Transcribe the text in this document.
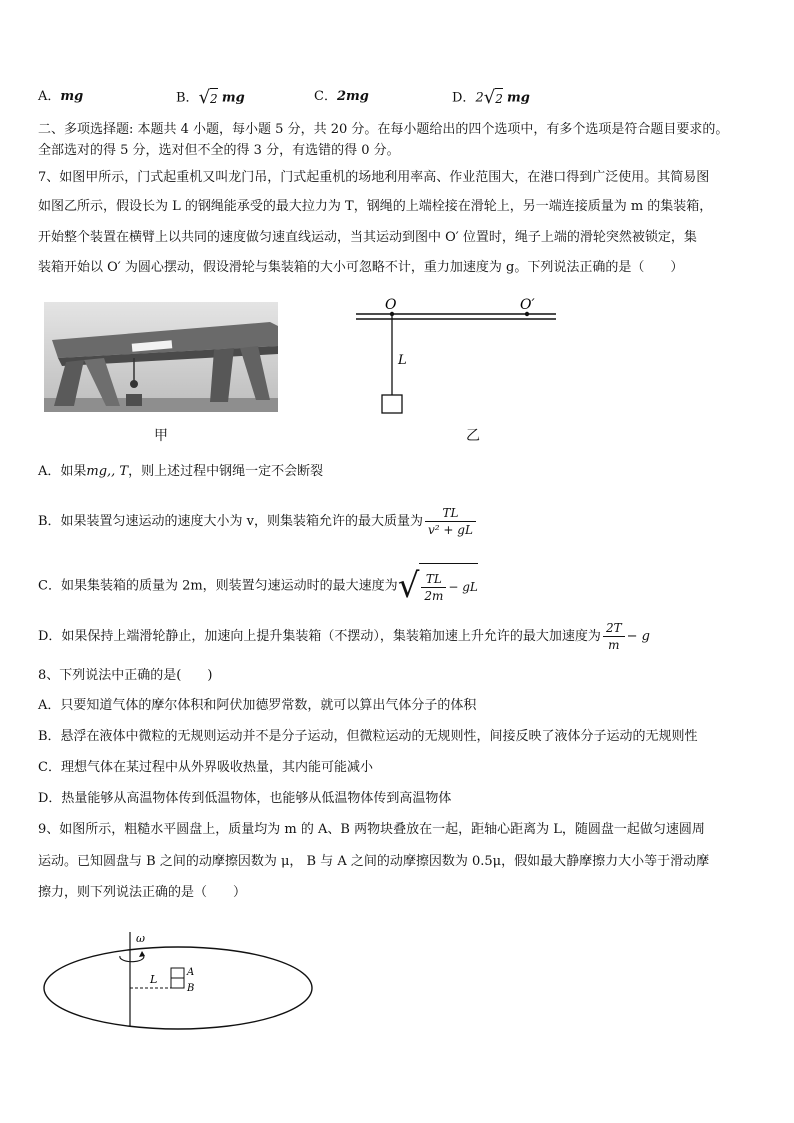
A．mg	B．√2 mg	C．2mg	D．2√2 mg
二、多项选择题: 本题共 4 小题，每小题 5 分，共 20 分。在每小题给出的四个选项中，有多个选项是符合题目要求的。
全部选对的得 5 分，选对但不全的得 3 分，有选错的得 0 分。
7、如图甲所示，门式起重机又叫龙门吊，门式起重机的场地利用率高、作业范围大，在港口得到广泛使用。其简易图
如图乙所示，假设长为 L 的钢绳能承受的最大拉力为 T，钢绳的上端栓接在滑轮上，另一端连接质量为 m 的集装箱，
开始整个装置在横臂上以共同的速度做匀速直线运动，当其运动到图中 O′ 位置时，绳子上端的滑轮突然被锁定，集
装箱开始以 O′ 为圆心摆动，假设滑轮与集装箱的大小可忽略不计，重力加速度为 g。下列说法正确的是（　　）
甲
O	O′
L
乙
A．如果mg,, T，则上述过程中钢绳一定不会断裂
B．如果装置匀速运动的速度大小为 v，则集装箱允许的最大质量为 $\frac{TL}{\text{v² + gL}}$
C．如果集装箱的质量为 2m，则装置匀速运动时的最大速度为√ $\frac{TL}{2m}$ − gL
D．如果保持上端滑轮静止，加速向上提升集装箱（不摆动），集装箱加速上升允许的最大加速度为 $\frac{2T}{m} - g$
8、下列说法中正确的是(　　)
A．只要知道气体的摩尔体积和阿伏加德罗常数，就可以算出气体分子的体积
B．悬浮在液体中微粒的无规则运动并不是分子运动，但微粒运动的无规则性，间接反映了液体分子运动的无规则性
C．理想气体在某过程中从外界吸收热量，其内能可能减小
D．热量能够从高温物体传到低温物体，也能够从低温物体传到高温物体
9、如图所示，粗糙水平圆盘上，质量均为 m 的 A、B 两物块叠放在一起，距轴心距离为 L，随圆盘一起做匀速圆周
运动。已知圆盘与 B 之间的动摩擦因数为 μ， B 与 A 之间的动摩擦因数为 0.5μ，假如最大静摩擦力大小等于滑动摩
擦力，则下列说法正确的是（　　）
ω
L
A
B
